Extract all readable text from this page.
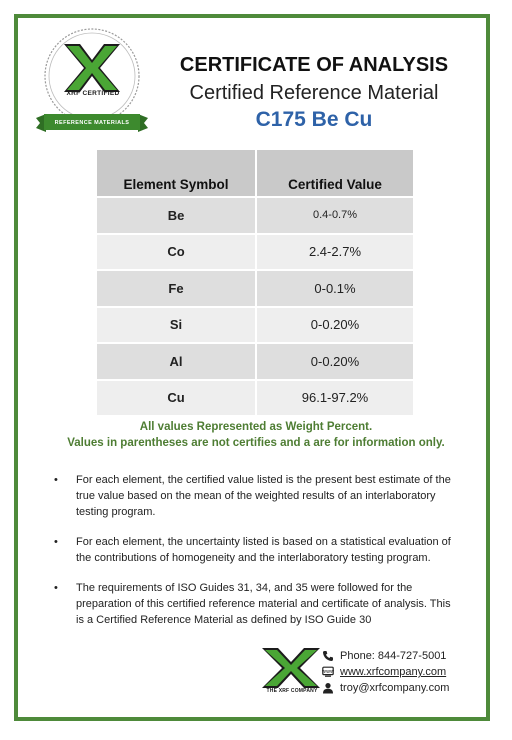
XRF CERTIFIED
REFERENCE MATERIALS
CERTIFICATE OF ANALYSIS
Certified Reference Material
C175 Be Cu
Element Symbol	Certified Value
Be	0.4-0.7%
Co	2.4-2.7%
Fe	0-0.1%
Si	0-0.20%
Al	0-0.20%
Cu	96.1-97.2%
All values Represented as Weight Percent.
Values in parentheses are not certifies and a are for information only.
• For each element, the certified value listed is the present best estimate of the true value based on the mean of the weighted results of an interlaboratory testing program.
• For each element, the uncertainty listed is based on a statistical evaluation of the contributions of homogeneity and the interlaboratory testing program.
• The requirements of ISO Guides 31, 34, and 35 were followed for the preparation of this certified reference material and certificate of analysis. This is a Certified Reference Material as defined by ISO Guide 30
THE XRF COMPANY
Phone: 844-727-5001
www www.xrfcompany.com
troy@xrfcompany.com
